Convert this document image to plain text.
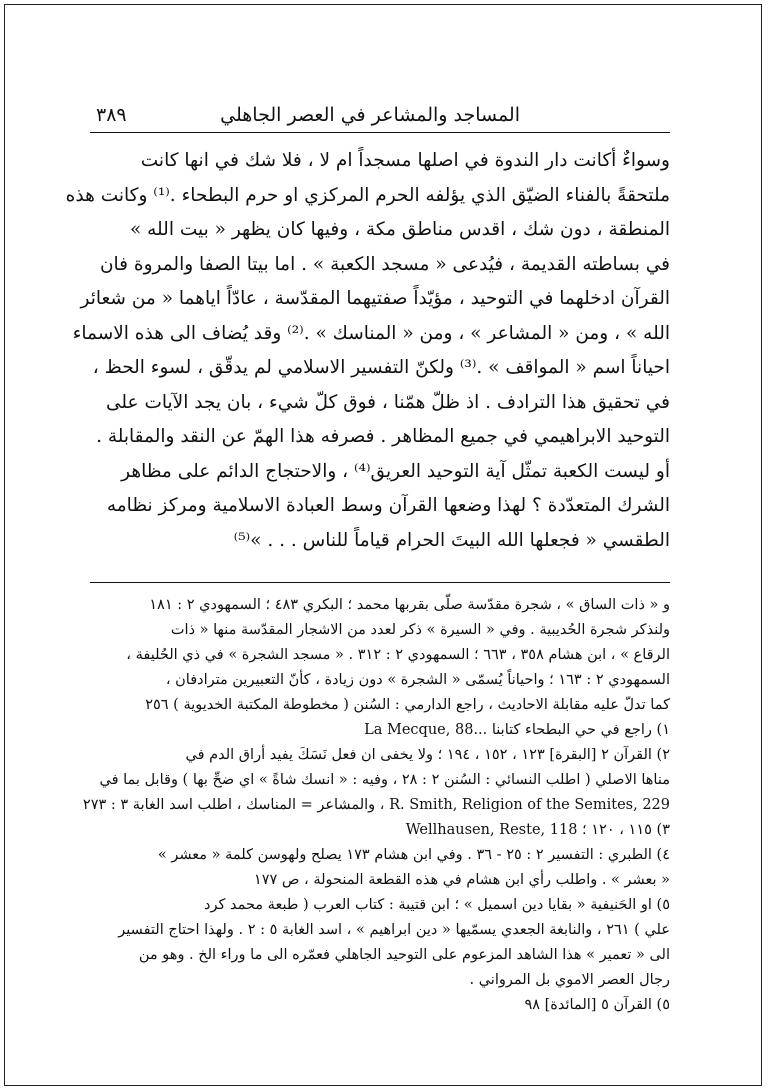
المساجد والمشاعر في العصر الجاهلي
٣٨٩
وسواءٌ أكانت دار الندوة في اصلها مسجداً ام لا ، فلا شك في انها كانت
ملتحقةً بالفناء الضيّق الذي يؤلفه الحرم المركزي او حرم البطحاء .⁽¹⁾ وكانت هذه
المنطقة ، دون شك ، اقدس مناطق مكة ، وفيها كان يظهر « بيت الله »
في بساطته القديمة ، فيُدعى « مسجد الكعبة » . اما بيتا الصفا والمروة فان
القرآن ادخلهما في التوحيد ، مؤيّداً صفتيهما المقدّسة ، عادّاً اياهما « من شعائر
الله » ، ومن « المشاعر » ، ومن « المناسك » .⁽²⁾ وقد يُضاف الى هذه الاسماء
احياناً اسم « المواقف » .⁽³⁾ ولكنّ التفسير الاسلامي لم يدقّق ، لسوء الحظ ،
في تحقيق هذا الترادف . اذ ظلّ همّنا ، فوق كلّ شيء ، بان يجد الآيات على
التوحيد الابراهيمي في جميع المظاهر . فصرفه هذا الهمّ عن النقد والمقابلة .
أو ليست الكعبة تمثّل آية التوحيد العريق⁽⁴⁾ ، والاحتجاج الدائم على مظاهر
الشرك المتعدّدة ؟ لهذا وضعها القرآن وسط العبادة الاسلامية ومركز نظامه
الطقسي « فجعلها الله البيتَ الحرام قياماً للناس . . . »⁽⁵⁾
و « ذات الساق » ، شجرة مقدّسة صلّى بقربها محمد ؛ البكري ٤٨٣ ؛ السمهودي ٢ : ١٨١
ولنذكر شجرة الحُديبية . وفي « السيرة » ذكر لعدد من الاشجار المقدّسة منها « ذات
الرقاع » ، ابن هشام ٣٥٨ ، ٦٦٣ ؛ السمهودي ٢ : ٣١٢ . « مسجد الشجرة » في ذي الحُليفة ،
السمهودي ٢ : ١٦٣ ؛ واحياناً يُسمّى « الشجرة » دون زيادة ، كأنّ التعبيرين مترادفان ،
كما تدلّ عليه مقابلة الاحاديث ، راجع الدارمي : السُنن ( مخطوطة المكتبة الخديوية ) ٢٥٦
١) راجع في حي البطحاء كتابنا ...La Mecque, 88
٢) القرآن ٢ [البقرة] ١٢٣ ، ١٥٢ ، ١٩٤ ؛ ولا يخفى ان فعل نَسَكَ يفيد أراق الدم في
مناها الاصلي ( اطلب النسائي : السُنن ٢ : ٢٨ ، وفيه : « انسك شاةً » اي ضحِّ بها ) وقابل بما في
R. Smith, Religion of the Semites, 229 ، والمشاعر = المناسك ، اطلب اسد الغابة ٣ : ٢٧٣
٣) ١١٥ ، ١٢٠ ؛ Wellhausen, Reste, 118
٤) الطبري : التفسير ٢ : ٢٥ - ٣٦ . وفي ابن هشام ١٧٣ يصلح ولهوسن كلمة « معشر »
« بعشر » . واطلب رأي ابن هشام في هذه القطعة المنحولة ، ص ١٧٧
٥) او الحَنيفية « بقايا دين اسميل » ؛ ابن قتيبة : كتاب العرب ( طبعة محمد كرد
علي ) ٢٦١ ، والنابغة الجعدي يسمّيها « دين ابراهيم » ، اسد الغابة ٥ : ٢ . ولهذا احتاج التفسير
الى « تعمير » هذا الشاهد المزعوم على التوحيد الجاهلي فعمّره الى ما وراء الخ . وهو من
رجال العصر الاموي بل المرواني .
٥) القرآن ٥ [المائدة] ٩٨
